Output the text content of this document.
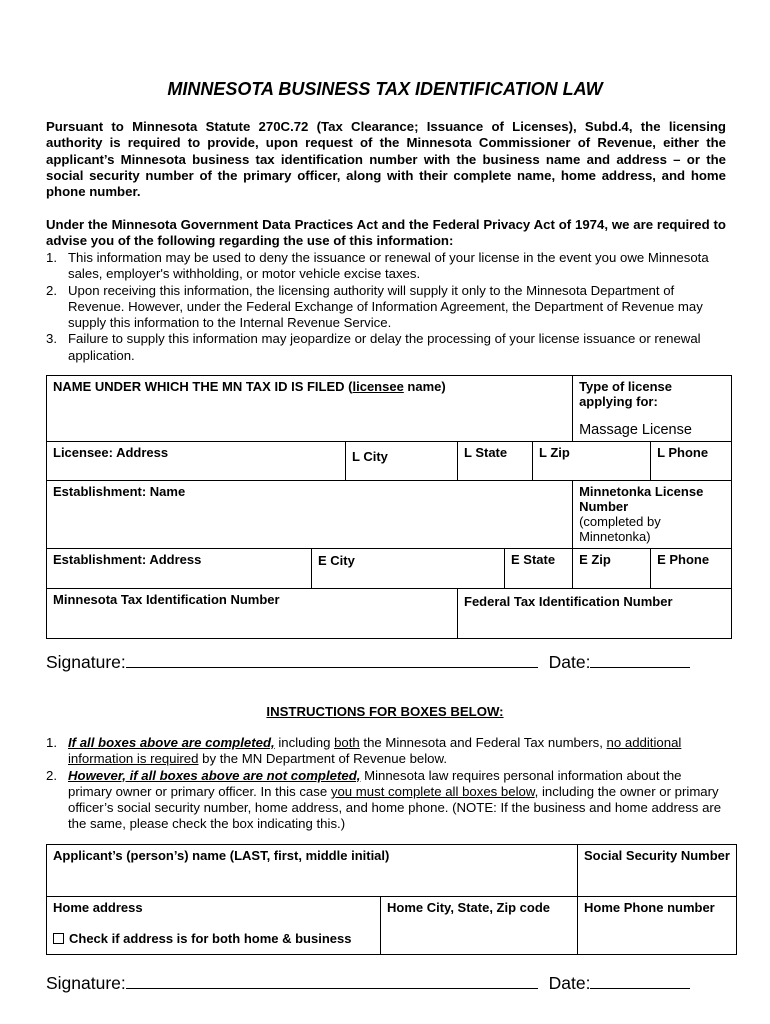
MINNESOTA BUSINESS TAX IDENTIFICATION LAW
Pursuant to Minnesota Statute 270C.72 (Tax Clearance; Issuance of Licenses), Subd.4, the licensing authority is required to provide, upon request of the Minnesota Commissioner of Revenue, either the applicant’s Minnesota business tax identification number with the business name and address – or the social security number of the primary officer, along with their complete name, home address, and home phone number.
Under the Minnesota Government Data Practices Act and the Federal Privacy Act of 1974, we are required to advise you of the following regarding the use of this information:
1. This information may be used to deny the issuance or renewal of your license in the event you owe Minnesota sales, employer's withholding, or motor vehicle excise taxes.
2. Upon receiving this information, the licensing authority will supply it only to the Minnesota Department of Revenue. However, under the Federal Exchange of Information Agreement, the Department of Revenue may supply this information to the Internal Revenue Service.
3. Failure to supply this information may jeopardize or delay the processing of your license issuance or renewal application.
NAME UNDER WHICH THE MN TAX ID IS FILED (licensee name)						Type of license applying for:
Massage License	

Licensee: Address		L City	L State		L Zip		L Phone
Establishment: Name						Minnetonka License Number
(completed by Minnetonka)	

Establishment: Address	E City			E State		E Zip	E Phone
Minnesota Tax Identification Number			Federal Tax Identification Number				
Signature:	Date:
INSTRUCTIONS FOR BOXES BELOW:
1. If all boxes above are completed, including both the Minnesota and Federal Tax numbers, no additional information is required by the MN Department of Revenue below.
2. However, if all boxes above are not completed, Minnesota law requires personal information about the primary owner or primary officer. In this case you must complete all boxes below, including the owner or primary officer’s social security number, home address, and home phone. (NOTE: If the business and home address are the same, please check the box indicating this.)
Applicant’s (person’s) name (LAST, first, middle initial)		Social Security Number

Home address
Check if address is for both home & business	Home City, State, Zip code	Home Phone number
Signature:	Date:
